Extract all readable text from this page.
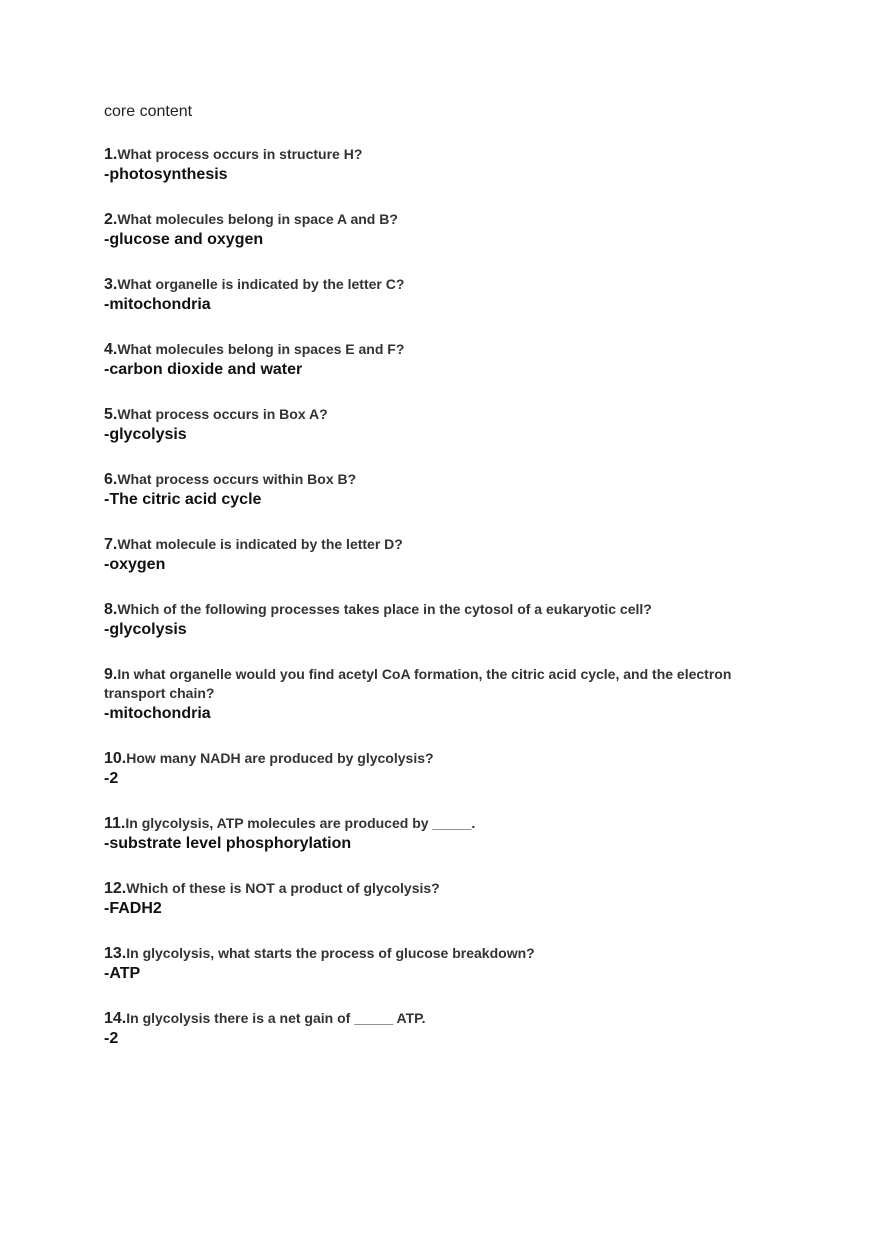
core content
1.What process occurs in structure H?
-photosynthesis
2.What molecules belong in space A and B?
-glucose and oxygen
3.What organelle is indicated by the letter C?
-mitochondria
4.What molecules belong in spaces E and F?
-carbon dioxide and water
5.What process occurs in Box A?
-glycolysis
6.What process occurs within Box B?
-The citric acid cycle
7.What molecule is indicated by the letter D?
-oxygen
8.Which of the following processes takes place in the cytosol of a eukaryotic cell?
-glycolysis
9.In what organelle would you find acetyl CoA formation, the citric acid cycle, and the electron transport chain?
-mitochondria
10.How many NADH are produced by glycolysis?
-2
11.In glycolysis, ATP molecules are produced by _____.
-substrate level phosphorylation
12.Which of these is NOT a product of glycolysis?
-FADH2
13.In glycolysis, what starts the process of glucose breakdown?
-ATP
14.In glycolysis there is a net gain of _____ ATP.
-2
